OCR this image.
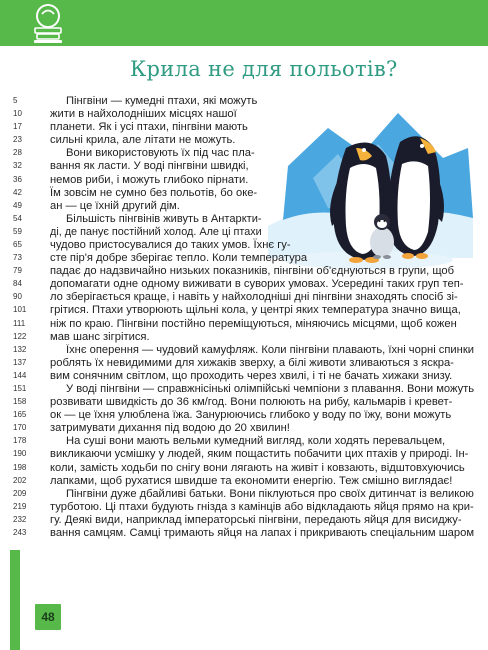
Крила не для польотів?
Пінгвіни — кумедні птахи, які можуть
5
жити в найхолодніших місцях нашої
10
планети. Як і усі птахи, пінгвіни мають
17
сильні крила, але літати не можуть.
23
Вони використовують їх під час пла-
28
вання як ласти. У воді пінгвіни швидкі,
32
немов риби, і можуть глибоко пірнати.
36
Їм зовсім не сумно без польотів, бо оке-
42
ан — це їхній другий дім.
49
Більшість пінгвінів живуть в Антаркти-
54
ді, де панує постійний холод. Але ці птахи
59
чудово пристосувалися до таких умов. Їхнє гу-
65
сте пір'я добре зберігає тепло. Коли температура
73
падає до надзвичайно низьких показників, пінгвіни об'єднуються в групи, щоб
79
допомагати одне одному виживати в суворих умовах. Усередині таких груп теп-
84
ло зберігається краще, і навіть у найхолодніші дні пінгвіни знаходять спосіб зі-
90
грітися. Птахи утворюють щільні кола, у центрі яких температура значно вища,
101
ніж по краю. Пінгвіни постійно переміщуються, міняючись місцями, щоб кожен
111
мав шанс зігрітися.
122
Їхнє оперення — чудовий камуфляж. Коли пінгвіни плавають, їхні чорні спинки
132
роблять їх невидимими для хижаків зверху, а білі животи зливаються з яскра-
137
вим сонячним світлом, що проходить через хвилі, і ті не бачать хижаки знизу.
144
У воді пінгвіни — справжнісінькі олімпійські чемпіони з плавання. Вони можуть
151
розвивати швидкість до 36 км/год. Вони полюють на рибу, кальмарів і кревет-
158
ок — це їхня улюблена їжа. Занурюючись глибоко у воду по їжу, вони можуть
165
затримувати дихання під водою до 20 хвилин!
170
На суші вони мають вельми кумедний вигляд, коли ходять перевальцем,
178
викликаючи усмішку у людей, яким пощастить побачити цих птахів у природі. Ін-
190
коли, замість ходьби по снігу вони лягають на живіт і ковзають, відштовхуючись
198
лапками, щоб рухатися швидше та економити енергію. Теж смішно виглядає!
202
Пінгвіни дуже дбайливі батьки. Вони піклуються про своїх дитинчат із великою
209
турботою. Ці птахи будують гнізда з камінців або відкладають яйця прямо на кри-
219
гу. Деякі види, наприклад імператорські пінгвіни, передають яйця для висиджу-
232
вання самцям. Самці тримають яйця на лапах і прикривають спеціальним шаром
243
48
